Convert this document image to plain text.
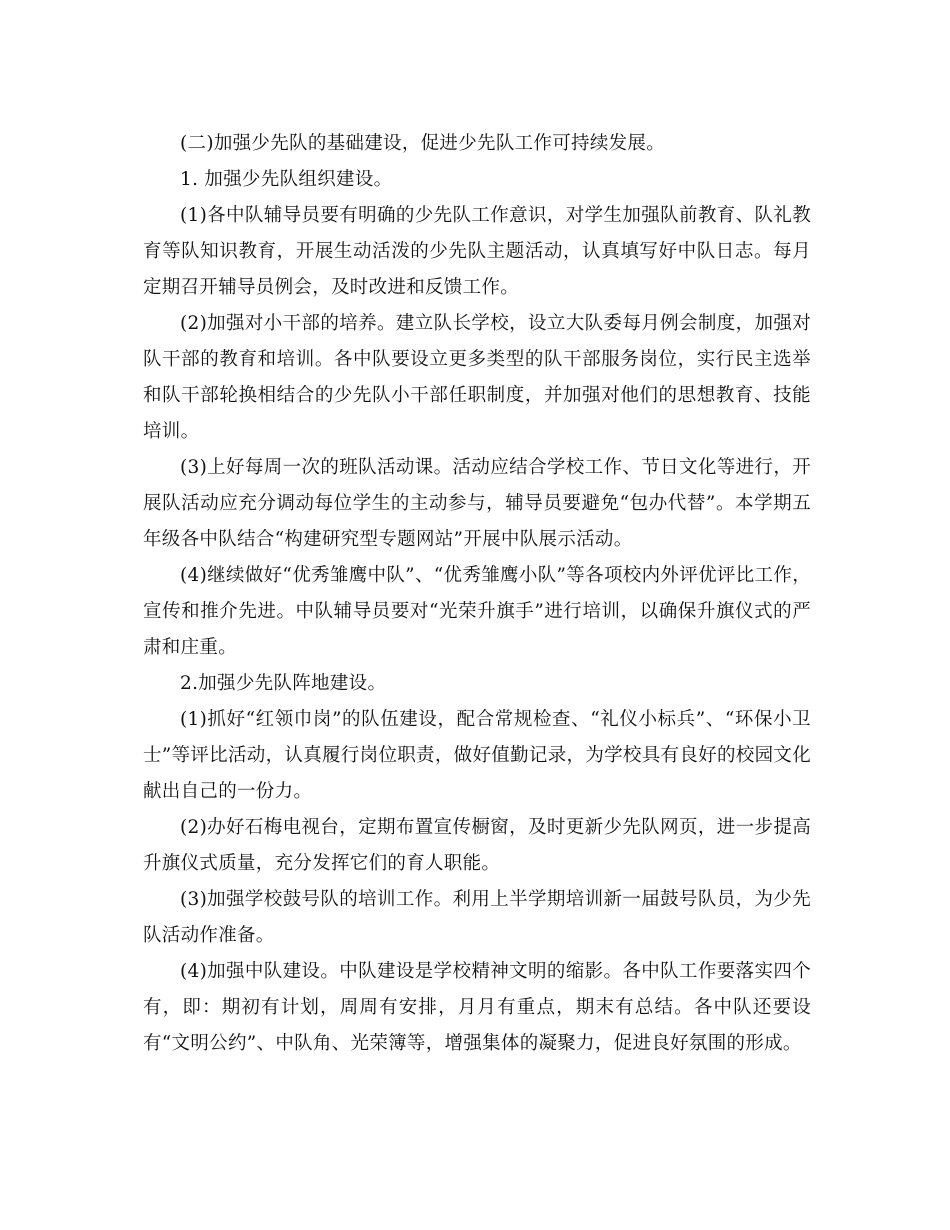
(二)加强少先队的基础建设，促进少先队工作可持续发展。

1. 加强少先队组织建设。

(1)各中队辅导员要有明确的少先队工作意识，对学生加强队前教育、队礼教育等队知识教育，开展生动活泼的少先队主题活动，认真填写好中队日志。每月定期召开辅导员例会，及时改进和反馈工作。

(2)加强对小干部的培养。建立队长学校，设立大队委每月例会制度，加强对队干部的教育和培训。各中队要设立更多类型的队干部服务岗位，实行民主选举和队干部轮换相结合的少先队小干部任职制度，并加强对他们的思想教育、技能培训。

(3)上好每周一次的班队活动课。活动应结合学校工作、节日文化等进行，开展队活动应充分调动每位学生的主动参与，辅导员要避免“包办代替”。本学期五年级各中队结合“构建研究型专题网站”开展中队展示活动。

(4)继续做好“优秀雏鹰中队”、“优秀雏鹰小队”等各项校内外评优评比工作，宣传和推介先进。中队辅导员要对“光荣升旗手”进行培训，以确保升旗仪式的严肃和庄重。

2.加强少先队阵地建设。

(1)抓好“红领巾岗”的队伍建设，配合常规检查、“礼仪小标兵”、“环保小卫士”等评比活动，认真履行岗位职责，做好值勤记录，为学校具有良好的校园文化献出自己的一份力。

(2)办好石梅电视台，定期布置宣传橱窗，及时更新少先队网页，进一步提高升旗仪式质量，充分发挥它们的育人职能。

(3)加强学校鼓号队的培训工作。利用上半学期培训新一届鼓号队员，为少先队活动作准备。

(4)加强中队建设。中队建设是学校精神文明的缩影。各中队工作要落实四个有，即：期初有计划，周周有安排，月月有重点，期末有总结。各中队还要设有“文明公约”、中队角、光荣簿等，增强集体的凝聚力，促进良好氛围的形成。
